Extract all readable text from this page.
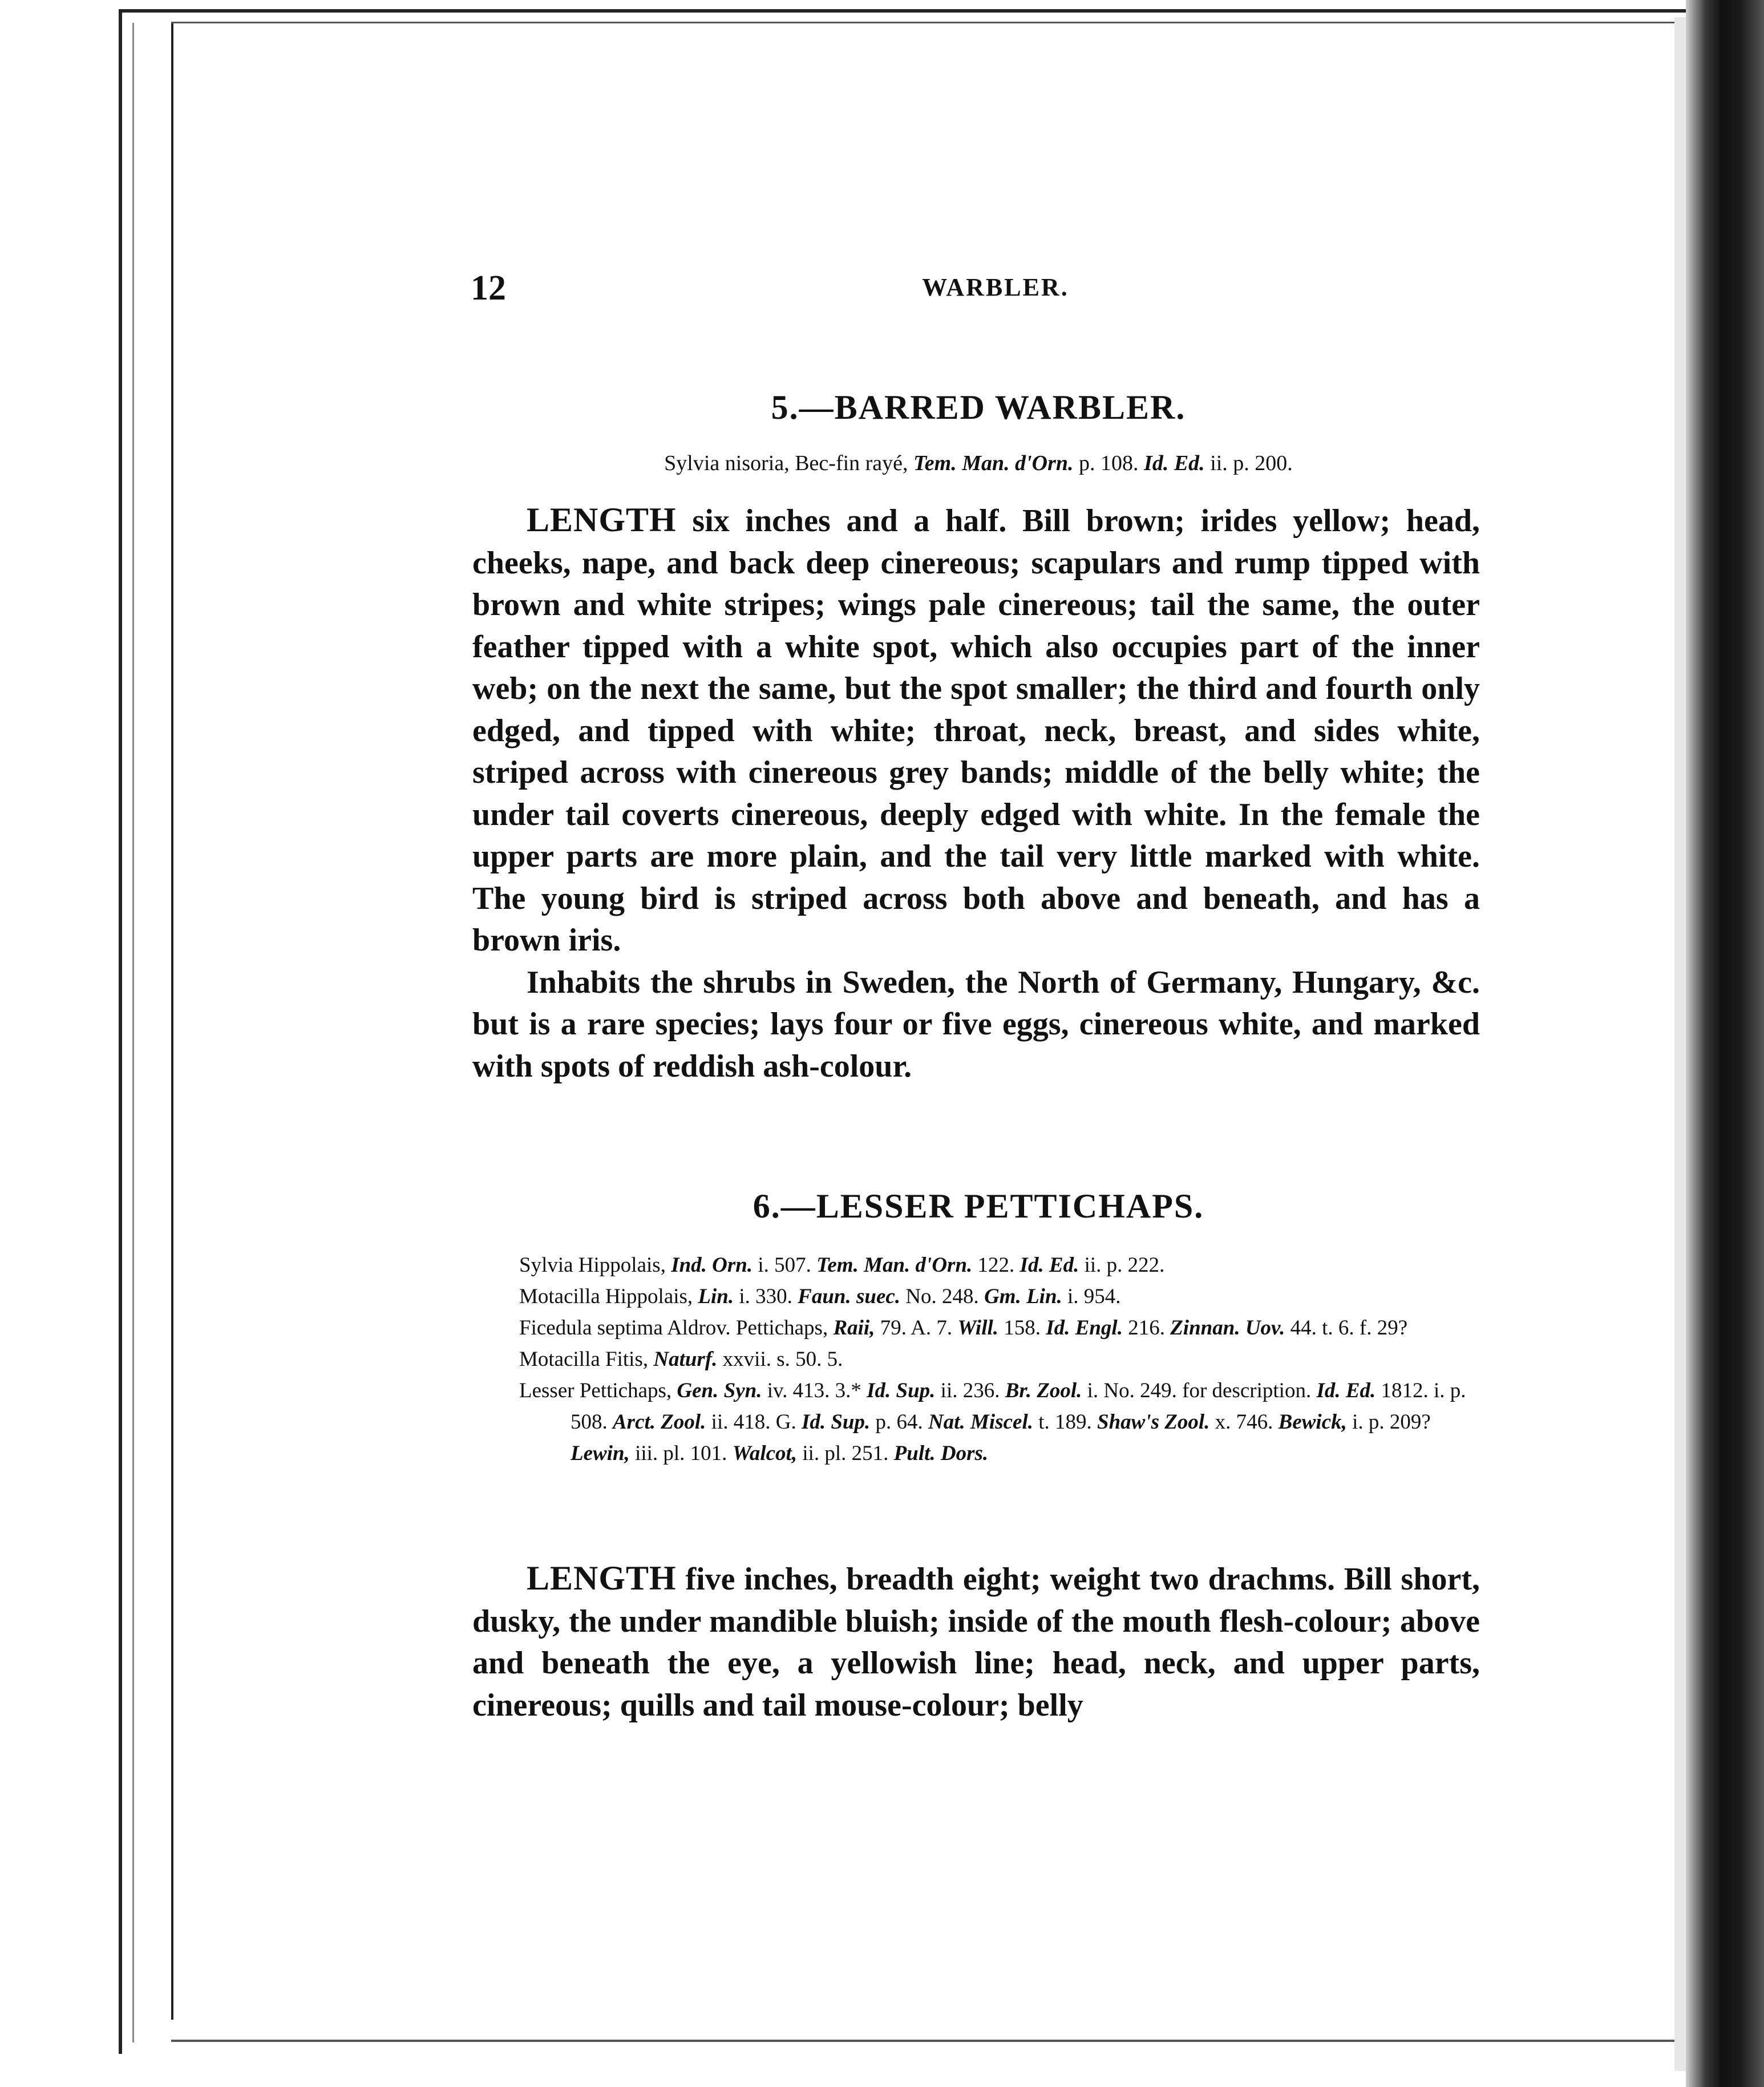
12	WARBLER.
5.—BARRED WARBLER.
Sylvia nisoria, Bec-fin rayé, Tem. Man. d'Orn. p. 108. Id. Ed. ii. p. 200.

LENGTH six inches and a half. Bill brown; irides yellow; head, cheeks, nape, and back deep cinereous; scapulars and rump tipped with brown and white stripes; wings pale cinereous; tail the same, the outer feather tipped with a white spot, which also occupies part of the inner web; on the next the same, but the spot smaller; the third and fourth only edged, and tipped with white; throat, neck, breast, and sides white, striped across with cinereous grey bands; middle of the belly white; the under tail coverts cinereous, deeply edged with white. In the female the upper parts are more plain, and the tail very little marked with white. The young bird is striped across both above and beneath, and has a brown iris.

Inhabits the shrubs in Sweden, the North of Germany, Hungary, &c. but is a rare species; lays four or five eggs, cinereous white, and marked with spots of reddish ash-colour.

6.—LESSER PETTICHAPS.

Sylvia Hippolais, Ind. Orn. i. 507. Tem. Man. d'Orn. 122. Id. Ed. ii. p. 222.

Motacilla Hippolais, Lin. i. 330. Faun. suec. No. 248. Gm. Lin. i. 954.

Ficedula septima Aldrov. Pettichaps, Raii, 79. A. 7. Will. 158. Id. Engl. 216. Zinnan. Uov. 44. t. 6. f. 29?

Motacilla Fitis, Naturf. xxvii. s. 50. 5.

Lesser Pettichaps, Gen. Syn. iv. 413. 3.* Id. Sup. ii. 236. Br. Zool. i. No. 249. for description. Id. Ed. 1812. i. p. 508. Arct. Zool. ii. 418. G. Id. Sup. p. 64. Nat. Miscel. t. 189. Shaw's Zool. x. 746. Bewick, i. p. 209? Lewin, iii. pl. 101. Walcot, ii. pl. 251. Pult. Dors.

LENGTH five inches, breadth eight; weight two drachms. Bill short, dusky, the under mandible bluish; inside of the mouth flesh-colour; above and beneath the eye, a yellowish line; head, neck, and upper parts, cinereous; quills and tail mouse-colour; belly
